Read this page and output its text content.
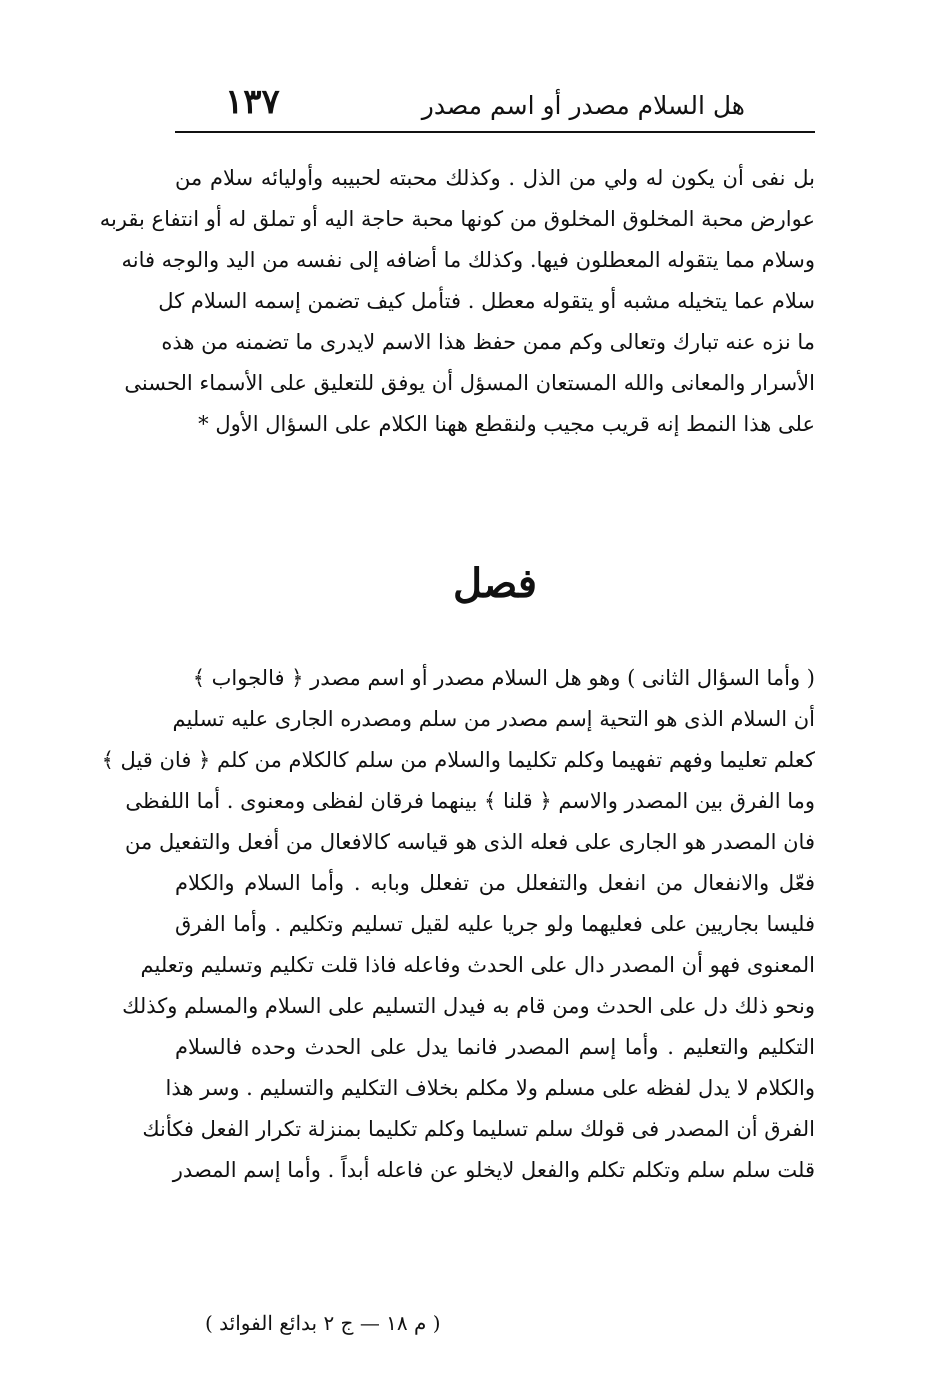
هل السلام مصدر أو اسم مصدر
١٣٧
بل نفى أن يكون له ولي من الذل . وكذلك محبته لحبيبه وأوليائه سلام من
عوارض محبة المخلوق المخلوق من كونها محبة حاجة اليه أو تملق له أو انتفاع بقربه
وسلام مما يتقوله المعطلون فيها. وكذلك ما أضافه إلى نفسه من اليد والوجه فانه
سلام عما يتخيله مشبه أو يتقوله معطل . فتأمل كيف تضمن إسمه السلام كل
ما نزه عنه تبارك وتعالى وكم ممن حفظ هذا الاسم لايدرى ما تضمنه من هذه
الأسرار والمعانى والله المستعان المسؤل أن يوفق للتعليق على الأسماء الحسنى
على هذا النمط إنه قريب مجيب ولنقطع ههنا الكلام على السؤال الأول ‌*
فصل
( وأما السؤال الثانى ) وهو هل السلام مصدر أو اسم مصدر ﴿ فالجواب ﴾
أن السلام الذى هو التحية إسم مصدر من سلم ومصدره الجارى عليه تسليم
كعلم تعليما وفهم تفهيما وكلم تكليما والسلام من سلم كالكلام من كلم ﴿ فان قيل ﴾
وما الفرق بين المصدر والاسم ﴿ قلنا ﴾ بينهما فرقان لفظى ومعنوى . أما اللفظى
فان المصدر هو الجارى على فعله الذى هو قياسه كالافعال من أفعل والتفعيل من
فعّل والانفعال من انفعل والتفعلل من تفعلل وبابه . وأما السلام والكلام
فليسا بجاريين على فعليهما ولو جريا عليه لقيل تسليم وتكليم . وأما الفرق
المعنوى فهو أن المصدر دال على الحدث وفاعله فاذا قلت تكليم وتسليم وتعليم
ونحو ذلك دل على الحدث ومن قام به فيدل التسليم على السلام والمسلم وكذلك
التكليم والتعليم . وأما إسم المصدر فانما يدل على الحدث وحده فالسلام
والكلام لا يدل لفظه على مسلم ولا مكلم بخلاف التكليم والتسليم . وسر هذا
الفرق أن المصدر فى قولك سلم تسليما وكلم تكليما بمنزلة تكرار الفعل فكأنك
قلت سلم سلم وتكلم تكلم والفعل لايخلو عن فاعله أبداً . وأما إسم المصدر
( م ١٨ — ج ٢ بدائع الفوائد )
